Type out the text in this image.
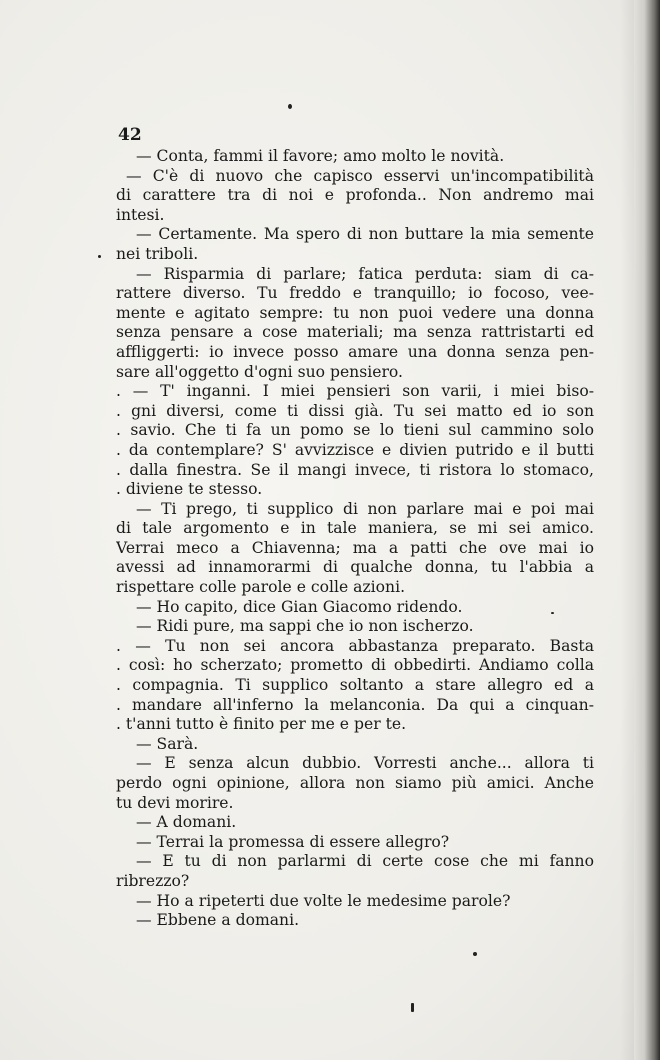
42
— Conta, fammi il favore; amo molto le novità.
— C'è di nuovo che capisco esservi un'incompatibilità
di carattere tra di noi e profonda.. Non andremo mai
intesi.
— Certamente. Ma spero di non buttare la mia semente
nei triboli.
— Risparmia di parlare; fatica perduta: siam di ca-
rattere diverso. Tu freddo e tranquillo; io focoso, vee-
mente e agitato sempre: tu non puoi vedere una donna
senza pensare a cose materiali; ma senza rattristarti ed
affliggerti: io invece posso amare una donna senza pen-
sare all'oggetto d'ogni suo pensiero.
. — T' inganni. I miei pensieri son varii, i miei biso-
. gni diversi, come ti dissi già. Tu sei matto ed io son
. savio. Che ti fa un pomo se lo tieni sul cammino solo
. da contemplare? S' avvizzisce e divien putrido e il butti
. dalla finestra. Se il mangi invece, ti ristora lo stomaco,
. diviene te stesso.
— Ti prego, ti supplico di non parlare mai e poi mai
di tale argomento e in tale maniera, se mi sei amico.
Verrai meco a Chiavenna; ma a patti che ove mai io
avessi ad innamorarmi di qualche donna, tu l'abbia a
rispettare colle parole e colle azioni.
— Ho capito, dice Gian Giacomo ridendo.
— Ridi pure, ma sappi che io non ischerzo.
. — Tu non sei ancora abbastanza preparato. Basta
. così: ho scherzato; prometto di obbedirti. Andiamo colla
. compagnia. Ti supplico soltanto a stare allegro ed a
. mandare all'inferno la melanconia. Da qui a cinquan-
. t'anni tutto è finito per me e per te.
— Sarà.
— E senza alcun dubbio. Vorresti anche... allora ti
perdo ogni opinione, allora non siamo più amici. Anche
tu devi morire.
— A domani.
— Terrai la promessa di essere allegro?
— E tu di non parlarmi di certe cose che mi fanno
ribrezzo?
— Ho a ripeterti due volte le medesime parole?
— Ebbene a domani.
